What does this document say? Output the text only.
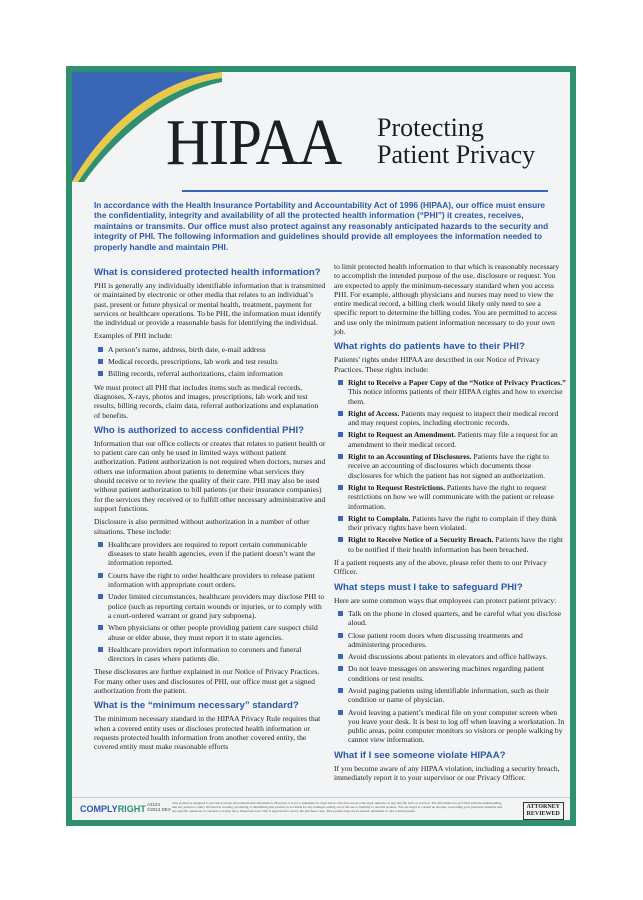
HIPAA Protecting
Patient Privacy
In accordance with the Health Insurance Portability and Accountability Act of 1996 (HIPAA), our office must ensure the confidentiality, integrity and availability of all the protected health information (“PHI”) it creates, receives, maintains or transmits. Our office must also protect against any reasonably anticipated hazards to the security and integrity of PHI. The following information and guidelines should provide all employees the information needed to properly handle and maintain PHI.
What is considered protected health information?

PHI is generally any individually identifiable information that is transmitted or maintained by electronic or other media that relates to an individual’s past, present or future physical or mental health, treatment, payment for services or healthcare operations. To be PHI, the information must identify the individual or provide a reasonable basis for identifying the individual.

Examples of PHI include:

A person’s name, address, birth date, e-mail address
Medical records, prescriptions, lab work and test results
Billing records, referral authorizations, claim information

We must protect all PHI that includes items such as medical records, diagnoses, X-rays, photos and images, prescriptions, lab work and test results, billing records, claim data, referral authorizations and explanation of benefits.

Who is authorized to access confidential PHI?

Information that our office collects or creates that relates to patient health or to patient care can only be used in limited ways without patient authorization. Patient authorization is not required when doctors, nurses and others use information about patients to determine what services they should receive or to review the quality of their care. PHI may also be used without patient authorization to bill patients (or their insurance companies) for the services they received or to fulfill other necessary administrative and support functions.

Disclosure is also permitted without authorization in a number of other situations. These include:

Healthcare providers are required to report certain communicable diseases to state health agencies, even if the patient doesn’t want the information reported.
Courts have the right to order healthcare providers to release patient information with appropriate court orders.
Under limited circumstances, healthcare providers may disclose PHI to police (such as reporting certain wounds or injuries, or to comply with a court-ordered warrant or grand jury subpoena).
When physicians or other people providing patient care suspect child abuse or elder abuse, they must report it to state agencies.
Healthcare providers report information to coroners and funeral directors in cases where patients die.

These disclosures are further explained in our Notice of Privacy Practices. For many other uses and disclosures of PHI, our office must get a signed authorization from the patient.

What is the “minimum necessary” standard?

The minimum necessary standard in the HIPAA Privacy Rule requires that when a covered entity uses or discloses protected health information or requests protected health information from another covered entity, the covered entity must make reasonable efforts

to limit protected health information to that which is reasonably necessary to accomplish the intended purpose of the use, disclosure or request. You are expected to apply the minimum-necessary standard when you access PHI. For example, although physicians and nurses may need to view the entire medical record, a billing clerk would likely only need to see a specific report to determine the billing codes. You are permitted to access and use only the minimum patient information necessary to do your own job.

What rights do patients have to their PHI?

Patients’ rights under HIPAA are described in our Notice of Privacy Practices. These rights include:

Right to Receive a Paper Copy of the “Notice of Privacy Practices.” This notice informs patients of their HIPAA rights and how to exercise them.
Right of Access. Patients may request to inspect their medical record and may request copies, including electronic records.
Right to Request an Amendment. Patients may file a request for an amendment to their medical record.
Right to an Accounting of Disclosures. Patients have the right to receive an accounting of disclosures which documents those disclosures for which the patient has not signed an authorization.
Right to Request Restrictions. Patients have the right to request restrictions on how we will communicate with the patient or release information.
Right to Complain. Patients have the right to complain if they think their privacy rights have been violated.
Right to Receive Notice of a Security Breach. Patients have the right to be notified if their health information has been breached.

If a patient requests any of the above, please refer them to our Privacy Officer.

What steps must I take to safeguard PHI?

Here are some common ways that employees can protect patient privacy:

Talk on the phone in closed quarters, and be careful what you disclose aloud.
Close patient room doors when discussing treatments and administering procedures.
Avoid discussions about patients in elevators and office hallways.
Do not leave messages on answering machines regarding patient conditions or test results.
Avoid paging patients using identifiable information, such as their condition or name of physician.
Avoid leaving a patient’s medical file on your computer screen when you leave your desk. It is best to log off when leaving a workstation. In public areas, point computer monitors so visitors or people walking by cannot view information.
What if I see someone violate HIPAA?

If you become aware of any HIPAA violation, including a security breach, immediately report it to your supervisor or our Privacy Officer.

COMPLYRIGHT A2124
©2013 DEX
This product is designed to provide accurate and authoritative information. However, it is not a substitute for legal advice and does not provide legal opinions on any specific facts or services. The information is provided with the understanding that any person or entity involved in creating, producing or distributing this product is not liable for any damages arising out of the use or inability to use this product. You are urged to consult an attorney concerning your particular situation and any specific questions or concerns you may have. Important note: This is approved for use by the purchaser only. This product may not be shared, published or sold to third parties.
ATTORNEY
REVIEWED
